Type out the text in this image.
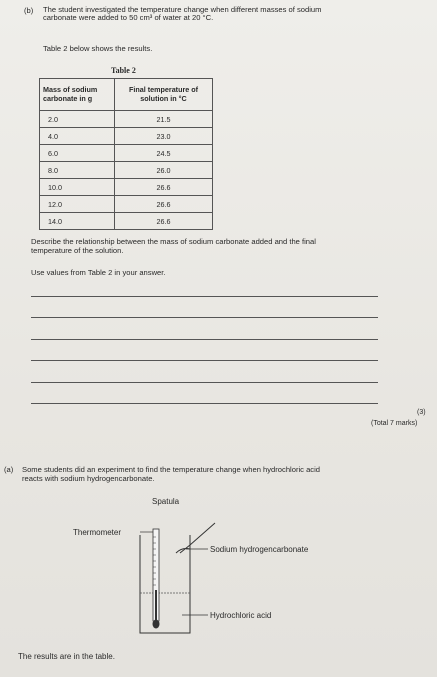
(b) The student investigated the temperature change when different masses of sodium
carbonate were added to 50 cm³ of water at 20 °C.
Table 2 below shows the results.
Table 2
Mass of sodium
carbonate in g	Final temperature of
solution in °C
2.0	21.5
4.0	23.0
6.0	24.5
8.0	26.0
10.0	26.6
12.0	26.6
14.0	26.6
Describe the relationship between the mass of sodium carbonate added and the final
temperature of the solution.
Use values from Table 2 in your answer.
(3)
(Total 7 marks)
(a) Some students did an experiment to find the temperature change when hydrochloric acid
reacts with sodium hydrogencarbonate.
Spatula
Thermometer
Sodium hydrogencarbonate
Hydrochloric acid
The results are in the table.
